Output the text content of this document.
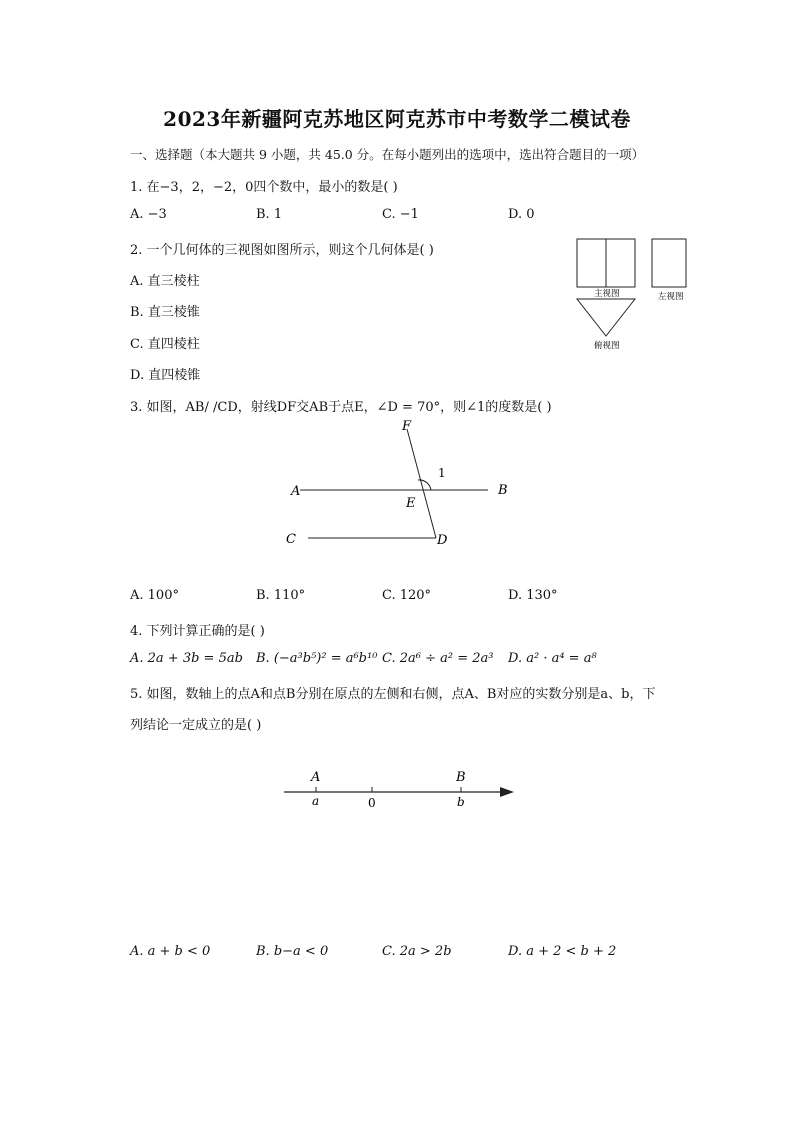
2023年新疆阿克苏地区阿克苏市中考数学二模试卷
一、选择题（本大题共 9 小题，共 45.0 分。在每小题列出的选项中，选出符合题目的一项）
1. 在−3，2，−2，0四个数中，最小的数是( )
A. −3	B. 1	C. −1	D. 0
2. 一个几何体的三视图如图所示，则这个几何体是( )
A. 直三棱柱
B. 直三棱锥
C. 直四棱柱
D. 直四棱锥
主视图	左视图
俯视图
3. 如图，AB/ /CD，射线DF交AB于点E，∠D = 70°，则∠1的度数是( )
F
1
A	B
E
C	D
A. 100°	B. 110°	C. 120°	D. 130°
4. 下列计算正确的是( )
A. 2a + 3b = 5ab B. (−a³b⁵)² = a⁶b¹⁰ C. 2a⁶ ÷ a² = 2a³ D. a² · a⁴ = a⁸
5. 如图，数轴上的点A和点B分别在原点的左侧和右侧，点A、B对应的实数分别是a、b，下
列结论一定成立的是( )
A
a	0
B
b
A. a + b < 0	B. b−a < 0	C. 2a > 2b	D. a + 2 < b + 2
